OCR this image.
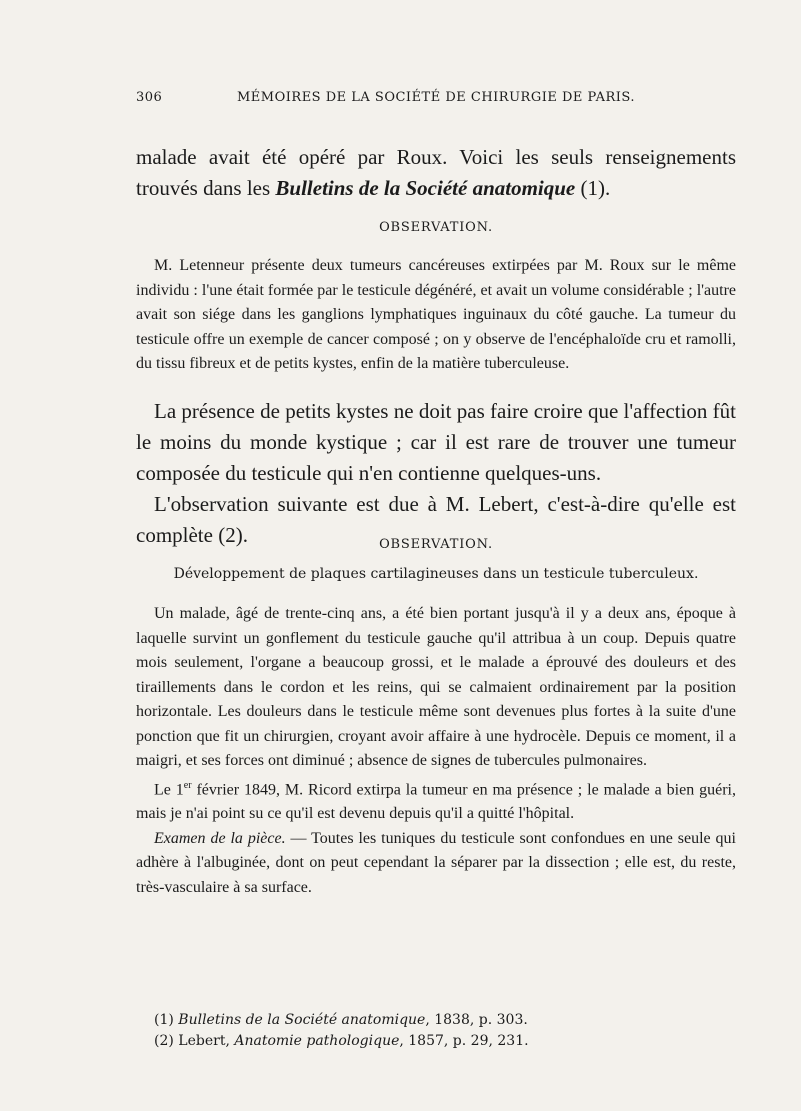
306	MÉMOIRES DE LA SOCIÉTÉ DE CHIRURGIE DE PARIS.

malade avait été opéré par Roux. Voici les seuls renseignements trouvés dans les Bulletins de la Société anatomique (1).

OBSERVATION.

M. Letenneur présente deux tumeurs cancéreuses extirpées par M. Roux sur le même individu : l'une était formée par le testicule dégénéré, et avait un volume considérable ; l'autre avait son siége dans les ganglions lymphatiques inguinaux du côté gauche. La tumeur du testicule offre un exemple de cancer composé ; on y observe de l'encéphaloïde cru et ramolli, du tissu fibreux et de petits kystes, enfin de la matière tuberculeuse.

La présence de petits kystes ne doit pas faire croire que l'affection fût le moins du monde kystique ; car il est rare de trouver une tumeur composée du testicule qui n'en contienne quelques-uns.

L'observation suivante est due à M. Lebert, c'est-à-dire qu'elle est complète (2).	OBSERVATION.
Développement de plaques cartilagineuses dans un testicule tuberculeux.

Un malade, âgé de trente-cinq ans, a été bien portant jusqu'à il y a deux ans, époque à laquelle survint un gonflement du testicule gauche qu'il attribua à un coup. Depuis quatre mois seulement, l'organe a beaucoup grossi, et le malade a éprouvé des douleurs et des tiraillements dans le cordon et les reins, qui se calmaient ordinairement par la position horizontale. Les douleurs dans le testicule même sont devenues plus fortes à la suite d'une ponction que fit un chirurgien, croyant avoir affaire à une hydrocèle. Depuis ce moment, il a maigri, et ses forces ont diminué ; absence de signes de tubercules pulmonaires.

Le 1er février 1849, M. Ricord extirpa la tumeur en ma présence ; le malade a bien guéri, mais je n'ai point su ce qu'il est devenu depuis qu'il a quitté l'hôpital.

Examen de la pièce. — Toutes les tuniques du testicule sont confondues en une seule qui adhère à l'albuginée, dont on peut cependant la séparer par la dissection ; elle est, du reste, très-vasculaire à sa surface.

(1) Bulletins de la Société anatomique, 1838, p. 303.

(2) Lebert, Anatomie pathologique, 1857, p. 29, 231.
